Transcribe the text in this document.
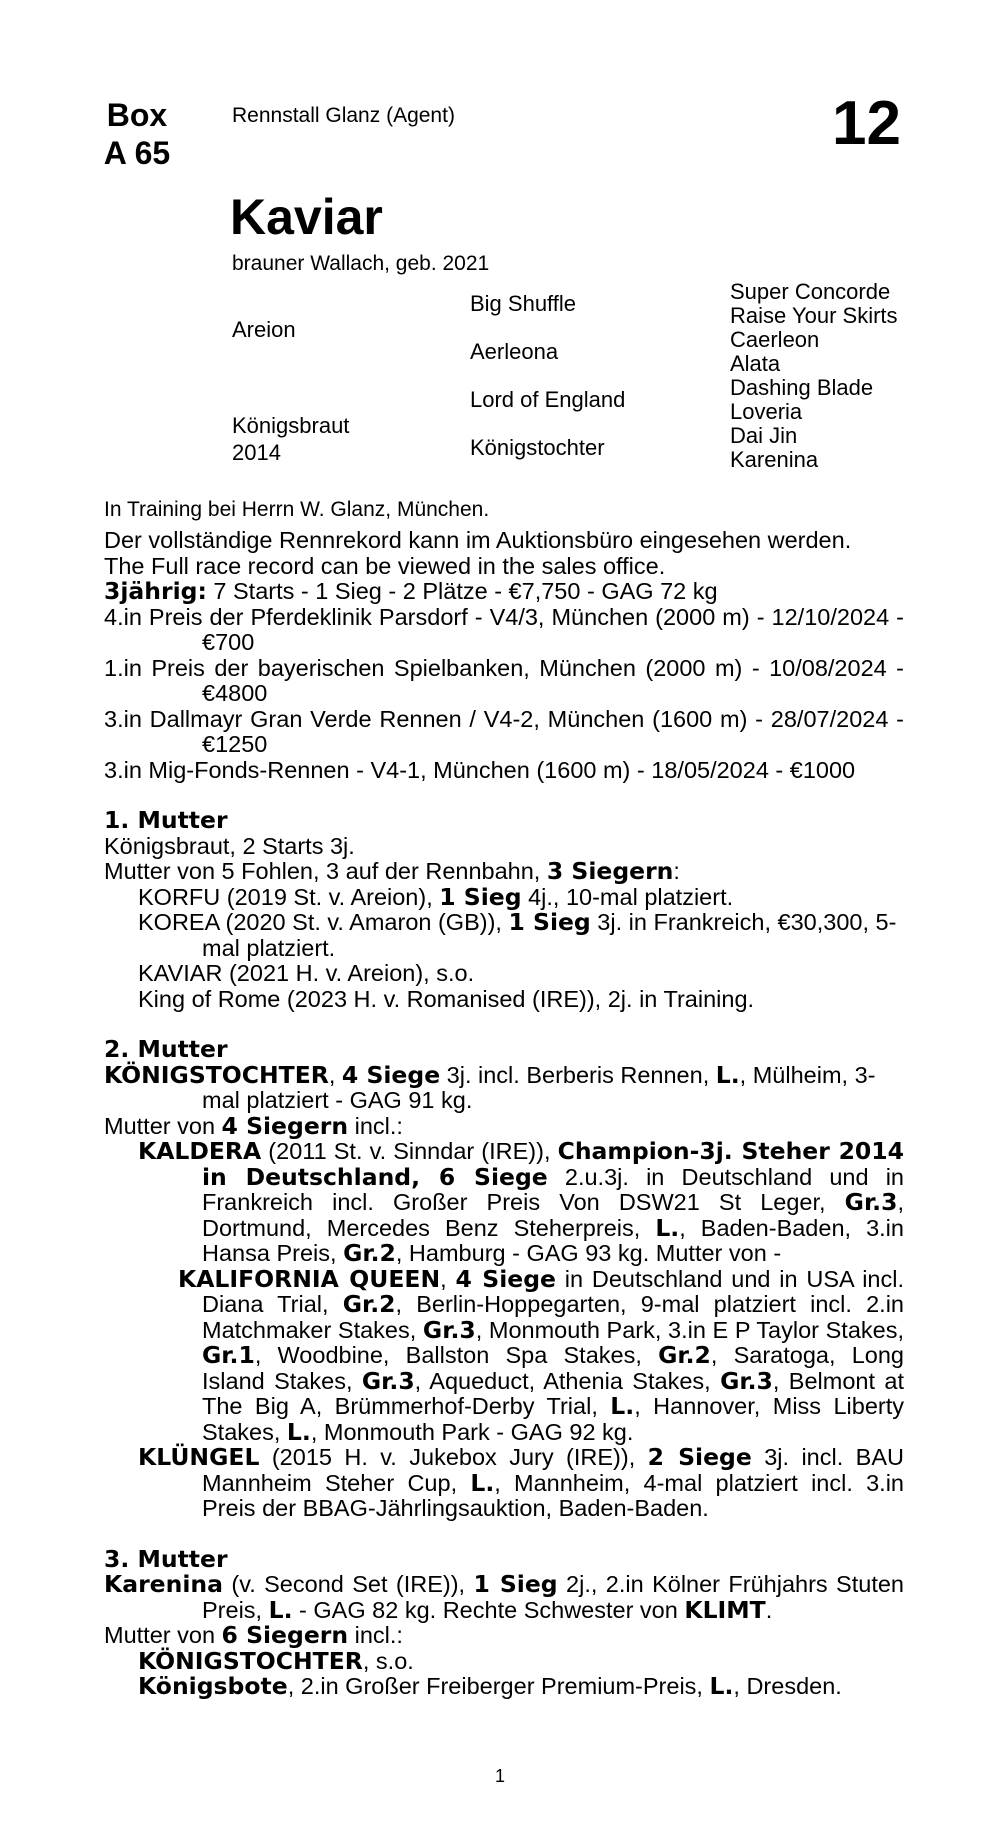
Box
A 65
Rennstall Glanz (Agent)	12
Kaviar
brauner Wallach, geb. 2021
Areion
Königsbraut
2014
Big Shuffle
Aerleona
Lord of England
Königstochter
Super Concorde
Raise Your Skirts
Caerleon
Alata
Dashing Blade
Loveria
Dai Jin
Karenina
In Training bei Herrn W. Glanz, München.

Der vollständige Rennrekord kann im Auktionsbüro eingesehen werden.

The Full race record can be viewed in the sales office.

3jährig: 7 Starts - 1 Sieg - 2 Plätze - €7,750 - GAG 72 kg

4.in Preis der Pferdeklinik Parsdorf - V4/3, München (2000 m) - 12/10/2024 - €700

1.in Preis der bayerischen Spielbanken, München (2000 m) - 10/08/2024 - €4800

3.in Dallmayr Gran Verde Rennen / V4-2, München (1600 m) - 28/07/2024 - €1250

3.in Mig-Fonds-Rennen - V4-1, München (1600 m) - 18/05/2024 - €1000

1. Mutter

Königsbraut, 2 Starts 3j.

Mutter von 5 Fohlen, 3 auf der Rennbahn, 3 Siegern:

KORFU (2019 St. v. Areion), 1 Sieg 4j., 10-mal platziert.

KOREA (2020 St. v. Amaron (GB)), 1 Sieg 3j. in Frankreich, €30,300, 5-mal platziert.

KAVIAR (2021 H. v. Areion), s.o.

King of Rome (2023 H. v. Romanised (IRE)), 2j. in Training.

2. Mutter

KÖNIGSTOCHTER, 4 Siege 3j. incl. Berberis Rennen, L., Mülheim, 3-mal platziert - GAG 91 kg.

Mutter von 4 Siegern incl.:

KALDERA (2011 St. v. Sinndar (IRE)), Champion-3j. Steher 2014 in Deutschland, 6 Siege 2.u.3j. in Deutschland und in Frankreich incl. Großer Preis Von DSW21 St Leger, Gr.3, Dortmund, Mercedes Benz Steherpreis, L., Baden-Baden, 3.in Hansa Preis, Gr.2, Hamburg - GAG 93 kg. Mutter von -

KALIFORNIA QUEEN, 4 Siege in Deutschland und in USA incl. Diana Trial, Gr.2, Berlin-Hoppegarten, 9-mal platziert incl. 2.in Matchmaker Stakes, Gr.3, Monmouth Park, 3.in E P Taylor Stakes, Gr.1, Woodbine, Ballston Spa Stakes, Gr.2, Saratoga, Long Island Stakes, Gr.3, Aqueduct, Athenia Stakes, Gr.3, Belmont at The Big A, Brümmerhof-Derby Trial, L., Hannover, Miss Liberty Stakes, L., Monmouth Park - GAG 92 kg.

KLÜNGEL (2015 H. v. Jukebox Jury (IRE)), 2 Siege 3j. incl. BAU Mannheim Steher Cup, L., Mannheim, 4-mal platziert incl. 3.in Preis der BBAG-Jährlingsauktion, Baden-Baden.

3. Mutter

Karenina (v. Second Set (IRE)), 1 Sieg 2j., 2.in Kölner Frühjahrs Stuten Preis, L. - GAG 82 kg. Rechte Schwester von KLIMT.

Mutter von 6 Siegern incl.:

KÖNIGSTOCHTER, s.o.

Königsbote, 2.in Großer Freiberger Premium-Preis, L., Dresden.

1
